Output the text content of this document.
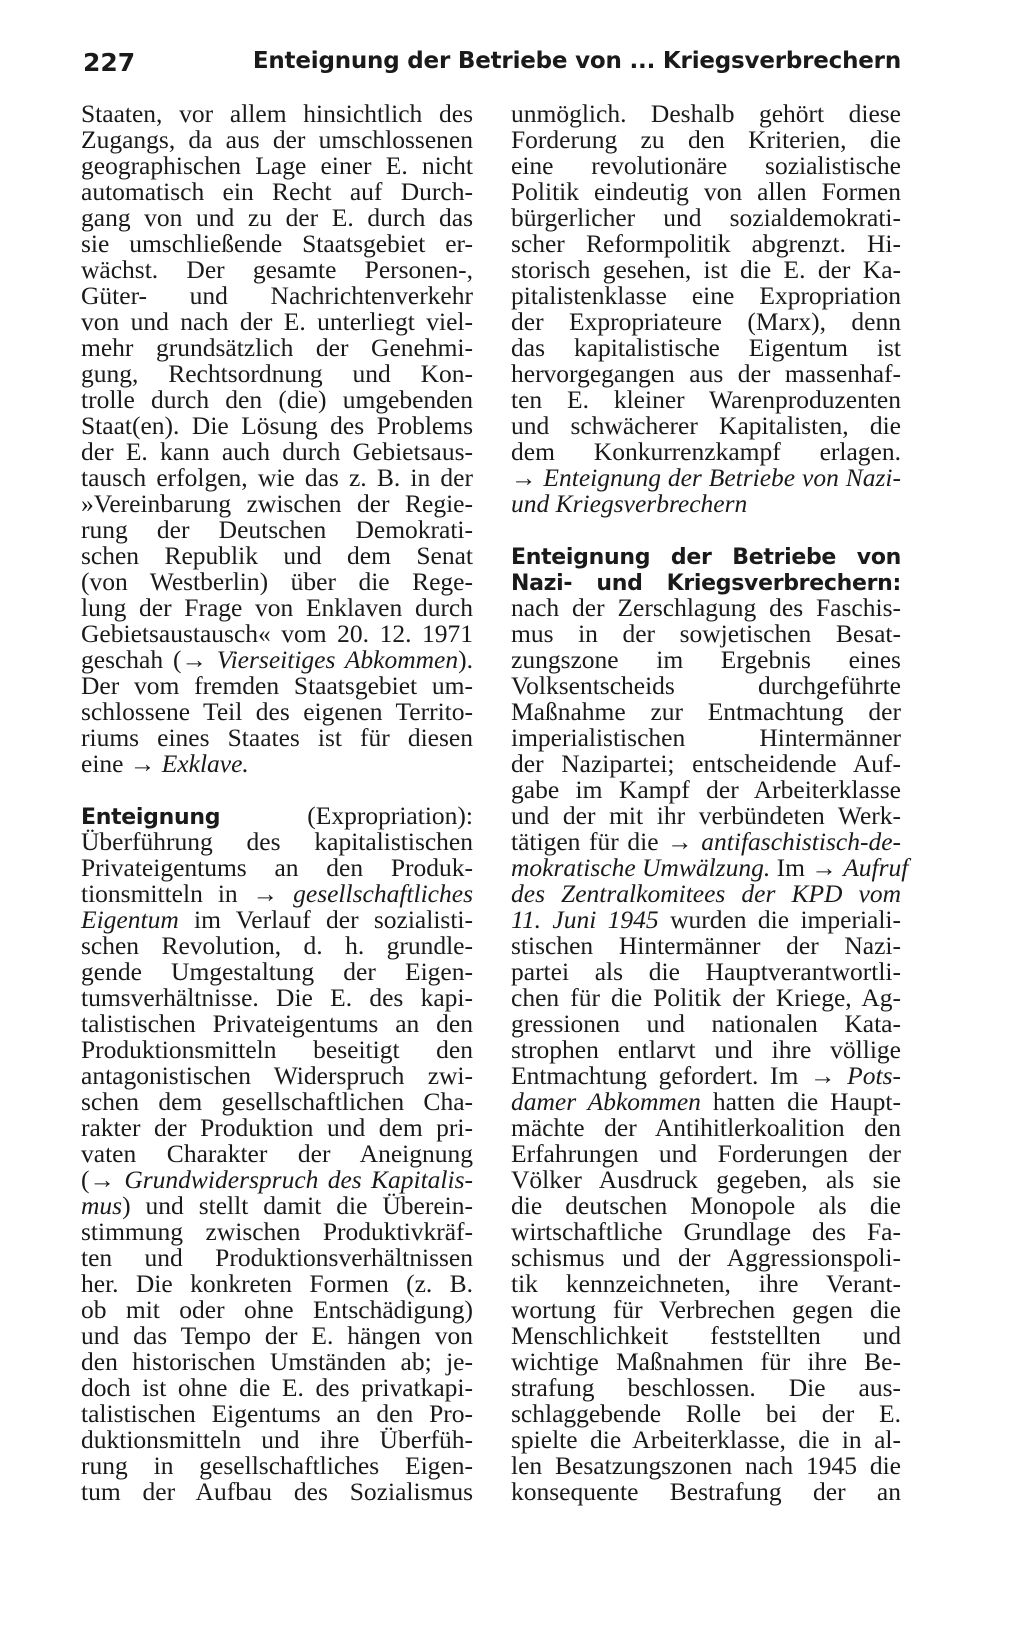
227	Enteignung der Betriebe von ... Kriegsverbrechern
Staaten, vor allem hinsichtlich des
Zugangs, da aus der umschlossenen
geographischen Lage einer E. nicht
automatisch ein Recht auf Durch-
gang von und zu der E. durch das
sie umschließende Staatsgebiet er-
wächst. Der gesamte Personen-,
Güter- und Nachrichtenverkehr
von und nach der E. unterliegt viel-
mehr grundsätzlich der Genehmi-
gung, Rechtsordnung und Kon-
trolle durch den (die) umgebenden
Staat(en). Die Lösung des Problems
der E. kann auch durch Gebietsaus-
tausch erfolgen, wie das z. B. in der
»Vereinbarung zwischen der Regie-
rung der Deutschen Demokrati-
schen Republik und dem Senat
(von Westberlin) über die Rege-
lung der Frage von Enklaven durch
Gebietsaustausch« vom 20. 12. 1971
geschah (→ Vierseitiges Abkommen).
Der vom fremden Staatsgebiet um-
schlossene Teil des eigenen Territo-
riums eines Staates ist für diesen
eine → Exklave.
Enteignung	(Expropriation):
Überführung des kapitalistischen
Privateigentums an den Produk-
tionsmitteln in → gesellschaftliches
Eigentum im Verlauf der sozialisti-
schen Revolution, d. h. grundle-
gende Umgestaltung der Eigen-
tumsverhältnisse. Die E. des kapi-
talistischen Privateigentums an den
Produktionsmitteln beseitigt den
antagonistischen Widerspruch zwi-
schen dem gesellschaftlichen Cha-
rakter der Produktion und dem pri-
vaten Charakter der Aneignung
(→ Grundwiderspruch des Kapitalis-
mus) und stellt damit die Überein-
stimmung zwischen Produktivkräf-
ten und Produktionsverhältnissen
her. Die konkreten Formen (z. B.
ob mit oder ohne Entschädigung)
und das Tempo der E. hängen von
den historischen Umständen ab; je-
doch ist ohne die E. des privatkapi-
talistischen Eigentums an den Pro-
duktionsmitteln und ihre Überfüh-
rung in gesellschaftliches Eigen-
tum der Aufbau des Sozialismus
unmöglich. Deshalb gehört diese
Forderung zu den Kriterien, die
eine revolutionäre sozialistische
Politik eindeutig von allen Formen
bürgerlicher und sozialdemokrati-
scher Reformpolitik abgrenzt. Hi-
storisch gesehen, ist die E. der Ka-
pitalistenklasse eine Expropriation
der Expropriateure (Marx), denn
das kapitalistische Eigentum ist
hervorgegangen aus der massenhaf-
ten E. kleiner Warenproduzenten
und schwächerer Kapitalisten, die
dem Konkurrenzkampf erlagen.
→ Enteignung der Betriebe von Nazi-
und Kriegsverbrechern
Enteignung der Betriebe von
Nazi- und Kriegsverbrechern:
nach der Zerschlagung des Faschis-
mus in der sowjetischen Besat-
zungszone im Ergebnis eines
Volksentscheids durchgeführte
Maßnahme zur Entmachtung der
imperialistischen Hintermänner
der Nazipartei; entscheidende Auf-
gabe im Kampf der Arbeiterklasse
und der mit ihr verbündeten Werk-
tätigen für die → antifaschistisch-de-
mokratische Umwälzung. Im → Aufruf
des Zentralkomitees der KPD vom
11. Juni 1945 wurden die imperiali-
stischen Hintermänner der Nazi-
partei als die Hauptverantwortli-
chen für die Politik der Kriege, Ag-
gressionen und nationalen Kata-
strophen entlarvt und ihre völlige
Entmachtung gefordert. Im → Pots-
damer Abkommen hatten die Haupt-
mächte der Antihitlerkoalition den
Erfahrungen und Forderungen der
Völker Ausdruck gegeben, als sie
die deutschen Monopole als die
wirtschaftliche Grundlage des Fa-
schismus und der Aggressionspoli-
tik kennzeichneten, ihre Verant-
wortung für Verbrechen gegen die
Menschlichkeit feststellten und
wichtige Maßnahmen für ihre Be-
strafung beschlossen. Die aus-
schlaggebende Rolle bei der E.
spielte die Arbeiterklasse, die in al-
len Besatzungszonen nach 1945 die
konsequente Bestrafung der an
